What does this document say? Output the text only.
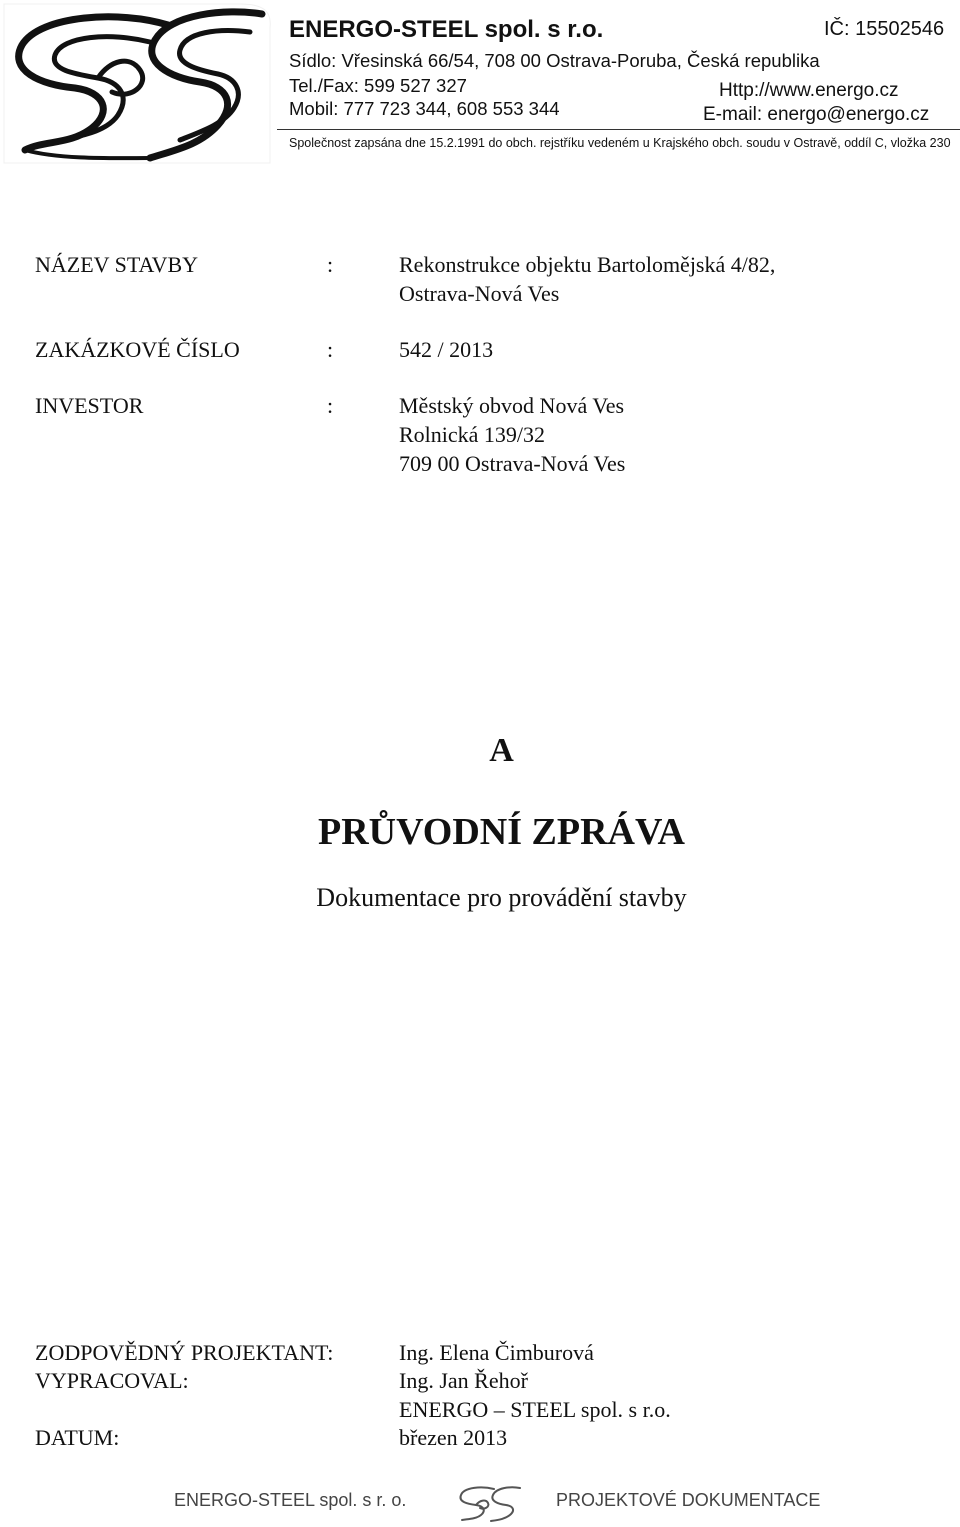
ENERGO-STEEL spol. s r.o.	IČ: 15502546
Sídlo: Vřesinská 66/54, 708 00 Ostrava-Poruba, Česká republika
Tel./Fax: 599 527 327
Mobil: 777 723 344, 608 553 344
Http://www.energo.cz
E-mail: energo@energo.cz
Společnost zapsána dne 15.2.1991 do obch. rejstříku vedeném u Krajského obch. soudu v Ostravě, oddíl C, vložka 230
NÁZEV STAVBY	:	Rekonstrukce objektu Bartolomějská 4/82,
Ostrava-Nová Ves
ZAKÁZKOVÉ ČÍSLO	:	542 / 2013
INVESTOR	:	Městský obvod Nová Ves
Rolnická 139/32
709 00 Ostrava-Nová Ves
A
PRŮVODNÍ ZPRÁVA
Dokumentace pro provádění stavby
ZODPOVĚDNÝ PROJEKTANT:	Ing. Elena Čimburová
VYPRACOVAL:	Ing. Jan Řehoř
ENERGO – STEEL spol. s r.o.
DATUM:	březen 2013
ENERGO-STEEL spol. s r. o.	PROJEKTOVÉ DOKUMENTACE
